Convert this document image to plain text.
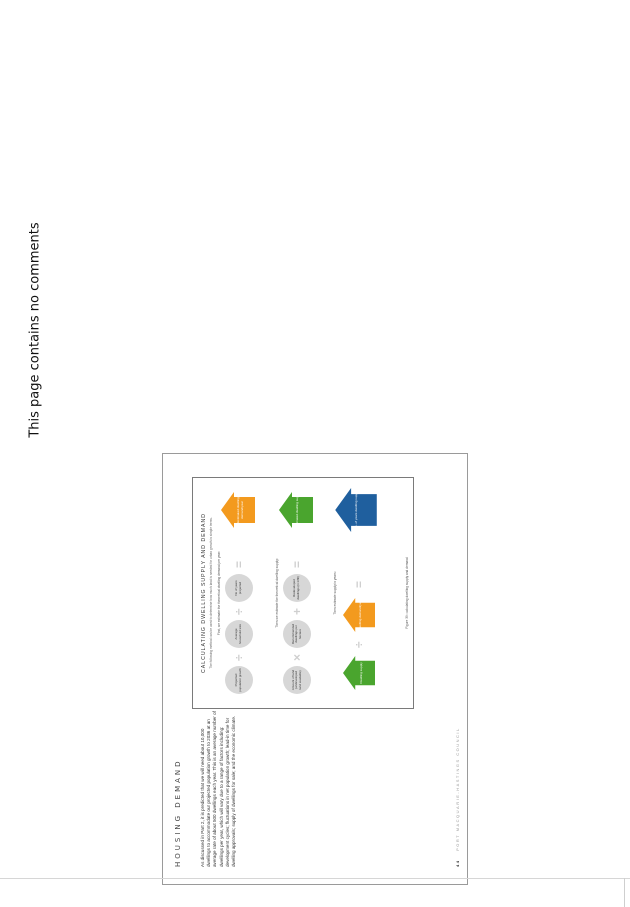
This page contains no comments
HOUSING DEMAND	As discussed in Part 2, it is predicted that we will need about 10,000 dwellings to accommodate our projected population growth to 2036 at an average rate of about 500 dwellings each year. This is an average number of dwellings per year, which will vary due to a range of factors including: development cycles; fluctuations in net population growth; lead-in time for dwelling approvals; supply of dwellings for sale; and the economic climate.	44 PORT MACQUARIE-HASTINGS COUNCIL
CALCULATING DWELLING SUPPLY AND DEMAND The following method can be used to determine how much land is needed for urban growth in simple terms. First, we estimate the theoretical dwelling demand per year:
Projected population growth
÷
Average household size
÷
No of years projected
=
Estimated dwelling demand/year
Then we estimate the theoretical dwelling supply:
Amount of land (undeveloped land available)
×
Recommended dwellings per hectare
+
Redeveloped dwellings (in infill)
=
Estimated dwelling supply
Then estimate supply in years:
Dwelling supply
÷
Dwelling demand/year
=
No. of years dwelling supply
Figure 39: calculating dwelling supply and demand
